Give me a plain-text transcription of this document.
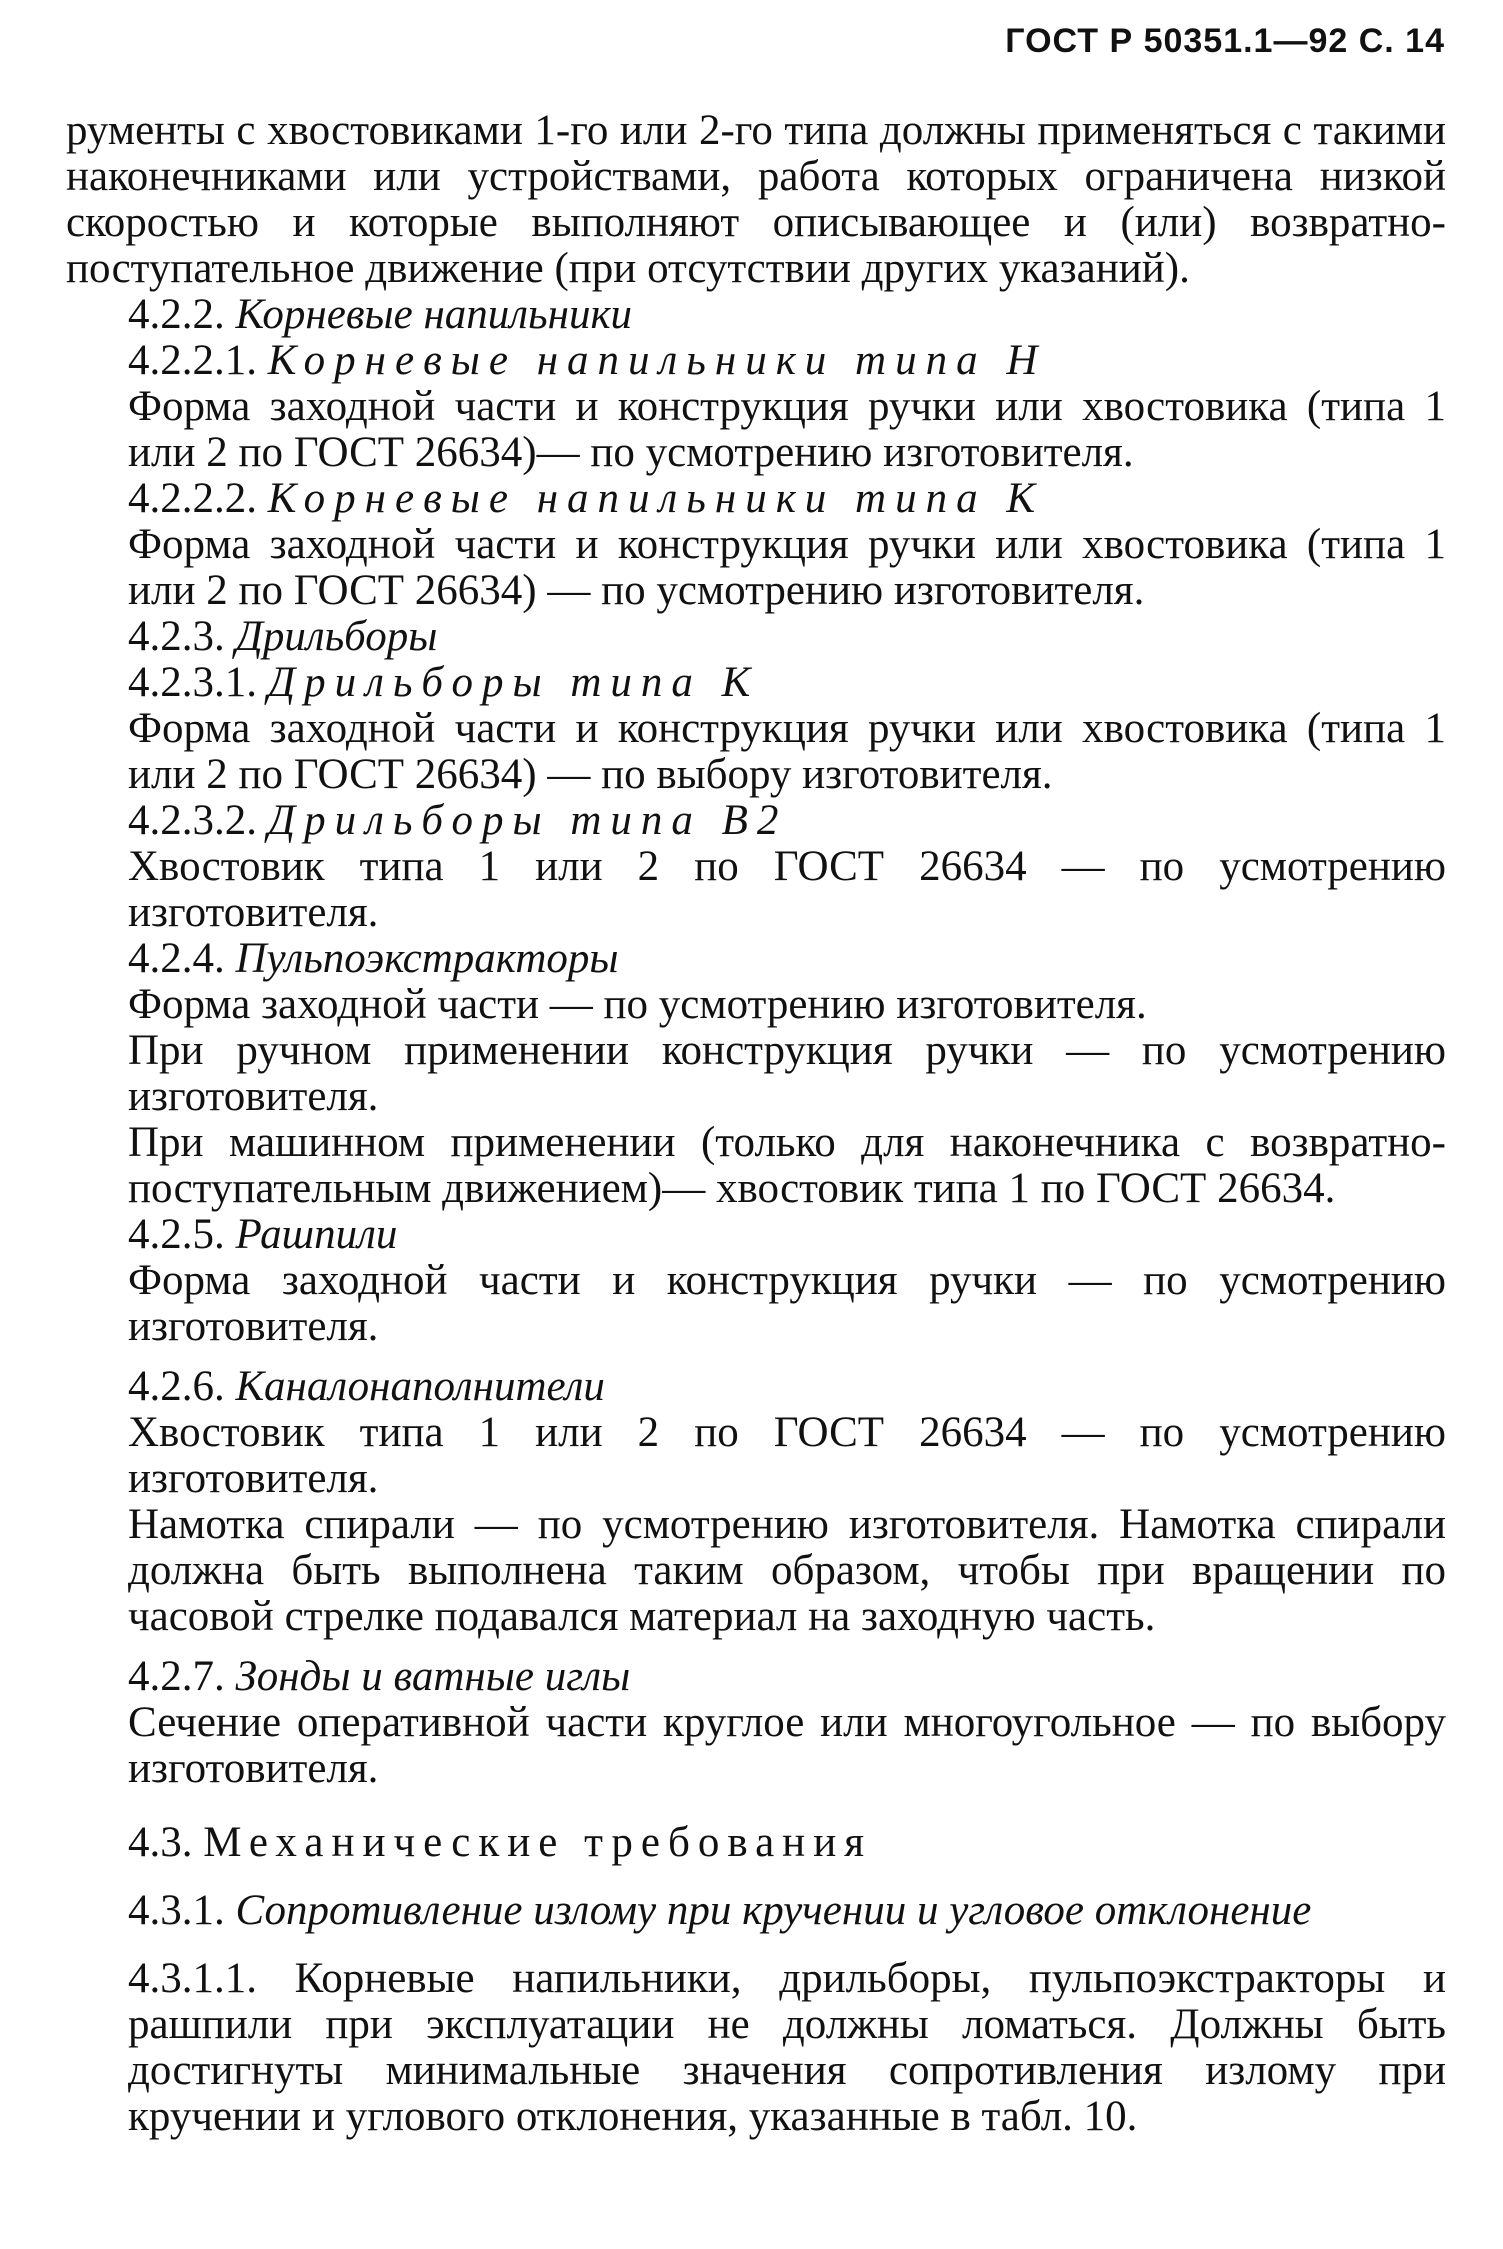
ГОСТ Р 50351.1—92 С. 14

рументы с хвостовиками 1-го или 2-го типа должны применяться с такими наконечниками или устройствами, работа которых ограничена низкой скоростью и которые выполняют описывающее и (или) возвратно-поступательное движение (при отсутствии других указаний).

4.2.2. Корневые напильники

4.2.2.1. Корневые напильники типа Н

Форма заходной части и конструкция ручки или хвостовика (типа 1 или 2 по ГОСТ 26634)— по усмотрению изготовителя.

4.2.2.2. Корневые напильники типа К

Форма заходной части и конструкция ручки или хвостовика (типа 1 или 2 по ГОСТ 26634) — по усмотрению изготовителя.

4.2.3. Дрильборы

4.2.3.1. Дрильборы типа К

Форма заходной части и конструкция ручки или хвостовика (типа 1 или 2 по ГОСТ 26634) — по выбору изготовителя.

4.2.3.2. Дрильборы типа В2

Хвостовик типа 1 или 2 по ГОСТ 26634 — по усмотрению изготовителя.

4.2.4. Пульпоэкстракторы

Форма заходной части — по усмотрению изготовителя.

При ручном применении конструкция ручки — по усмотрению изготовителя.

При машинном применении (только для наконечника с возвратно-поступательным движением)— хвостовик типа 1 по ГОСТ 26634.

4.2.5. Рашпили

Форма заходной части и конструкция ручки — по усмотрению изготовителя.

4.2.6. Каналонаполнители

Хвостовик типа 1 или 2 по ГОСТ 26634 — по усмотрению изготовителя.

Намотка спирали — по усмотрению изготовителя. Намотка спирали должна быть выполнена таким образом, чтобы при вращении по часовой стрелке подавался материал на заходную часть.

4.2.7. Зонды и ватные иглы

Сечение оперативной части круглое или многоугольное — по выбору изготовителя.

4.3. Механические требования

4.3.1. Сопротивление излому при кручении и угловое отклонение

4.3.1.1. Корневые напильники, дрильборы, пульпоэкстракторы и рашпили при эксплуатации не должны ломаться. Должны быть достигнуты минимальные значения сопротивления излому при кручении и углового отклонения, указанные в табл. 10.
